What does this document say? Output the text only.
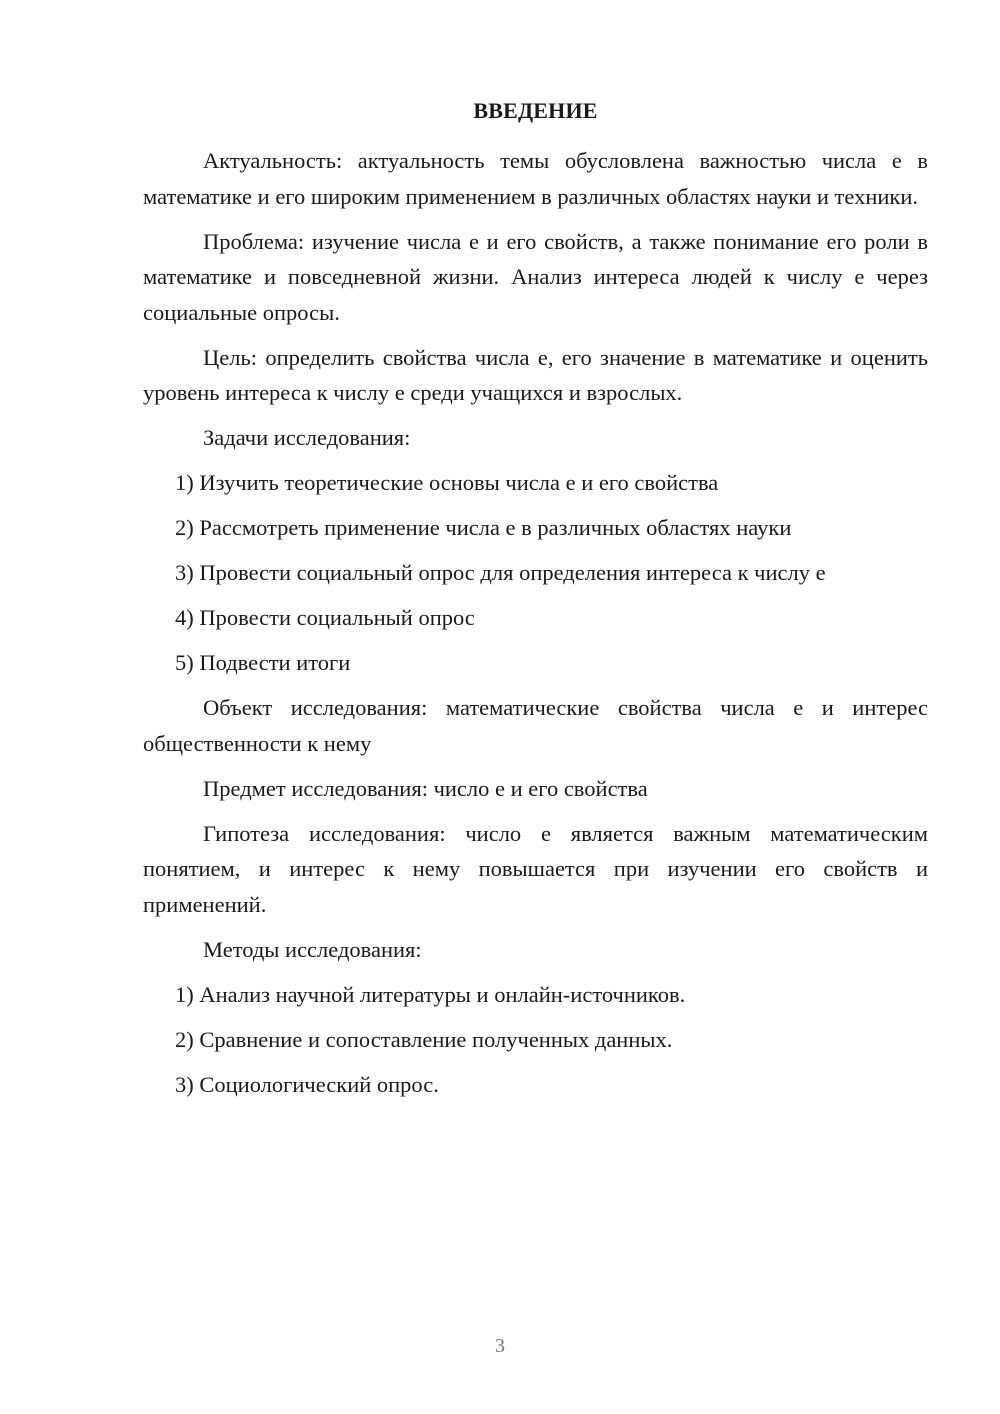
ВВЕДЕНИЕ

Актуальность: актуальность темы обусловлена важностью числа е в математике и его широким применением в различных областях науки и техники.

Проблема: изучение числа е и его свойств, а также понимание его роли в математике и повседневной жизни. Анализ интереса людей к числу е через социальные опросы.

Цель: определить свойства числа е, его значение в математике и оценить уровень интереса к числу е среди учащихся и взрослых.

Задачи исследования:

1) Изучить теоретические основы числа е и его свойства

2) Рассмотреть применение числа е в различных областях науки

3) Провести социальный опрос для определения интереса к числу е

4) Провести социальный опрос

5) Подвести итоги

Объект исследования: математические свойства числа е и интерес общественности к нему

Предмет исследования: число е и его свойства

Гипотеза исследования: число е является важным математическим понятием, и интерес к нему повышается при изучении его свойств и применений.

Методы исследования:

1) Анализ научной литературы и онлайн-источников.

2) Сравнение и сопоставление полученных данных.

3) Социологический опрос.

3
